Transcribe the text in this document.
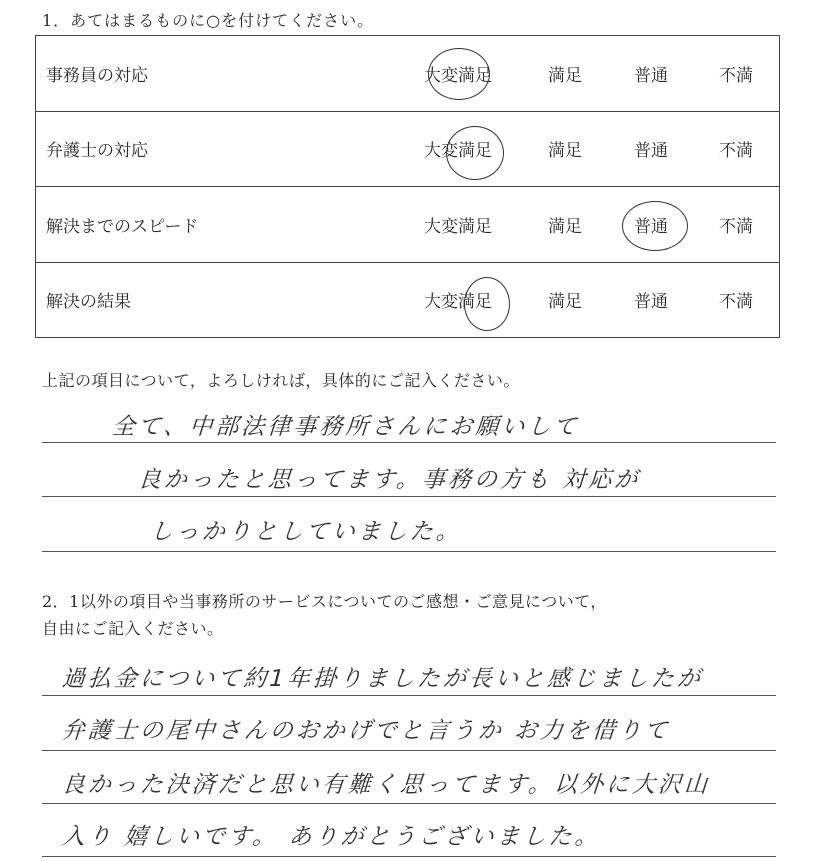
1．あてはまるものに○を付けてください。
事務員の対応	大変満足	満足	普通	不満
弁護士の対応	大変満足	満足	普通	不満
解決までのスピード	大変満足	満足	普通	不満
解決の結果	大変満足	満足	普通	不満
上記の項目について，よろしければ，具体的にご記入ください。
全て、中部法律事務所さんにお願いして
良かったと思ってます。事務の方も 対応が
しっかりとしていました。
2．1以外の項目や当事務所のサービスについてのご感想・ご意見について，
自由にご記入ください。
過払金について約1年掛りましたが長いと感じましたが
弁護士の尾中さんのおかげでと言うか お力を借りて
良かった決済だと思い有難く思ってます。以外に大沢山
入り 嬉しいです。 ありがとうございました。
